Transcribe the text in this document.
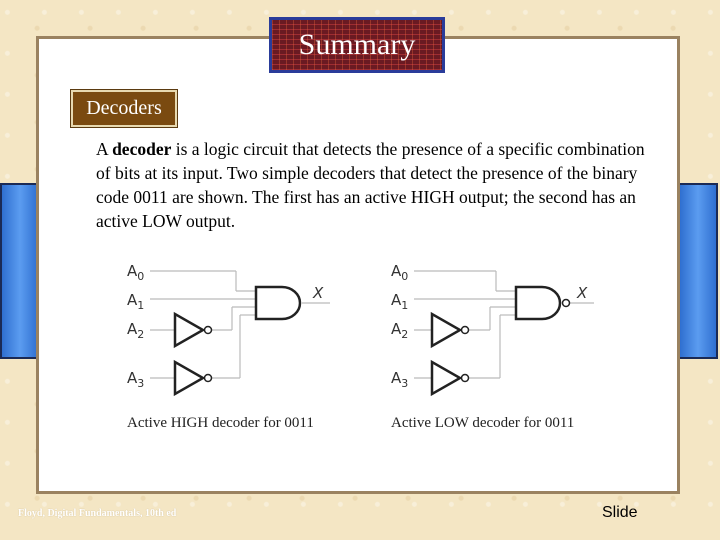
Summary
Decoders
A decoder is a logic circuit that detects the presence of a specific combination of bits at its input. Two simple decoders that detect the presence of the binary code 0011 are shown. The first has an active HIGH output; the second has an active LOW output.
$A_0$
$A_1$
$A_2$
$A_3$
X
Active HIGH decoder for 0011
$A_0$
$A_1$
$A_2$
$A_3$
X
Active LOW decoder for 0011
Floyd, Digital Fundamentals, 10th ed	Slide
